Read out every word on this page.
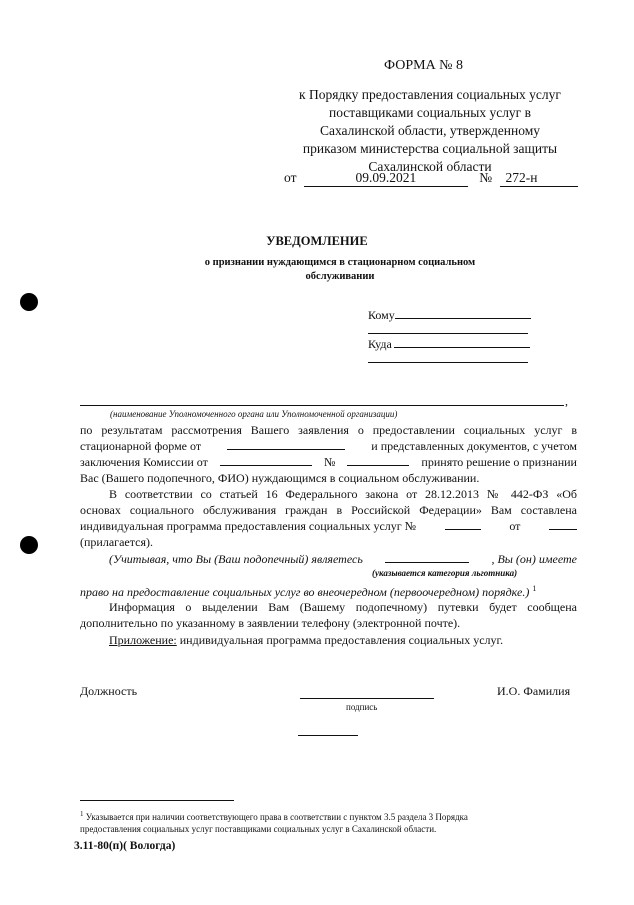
ФОРМА № 8
к Порядку предоставления социальных услуг
поставщиками социальных услуг в
Сахалинской области, утвержденному
приказом министерства социальной защиты
Сахалинской области
от	09.09.2021	№ 272-н
УВЕДОМЛЕНИЕ
о признании нуждающимся в стационарном социальном
обслуживании
Кому
Куда
,
(наименование Уполномоченного органа или Уполномоченной организации)
по результатам рассмотрения Вашего заявления о предоставлении социальных услуг в
стационарной форме от	и представленных документов, с учетом
заключения Комиссии от	№	принято решение о признании
Вас (Вашего подопечного, ФИО) нуждающимся в социальном обслуживании.
В соответствии со статьей 16 Федерального закона от 28.12.2013 № 442-ФЗ «Об
основах социального обслуживания граждан в Российской Федерации» Вам составлена
индивидуальная программа предоставления социальных услуг №	от
(прилагается).
(Учитывая, что Вы (Ваш подопечный) являетесь	, Вы (он) имеете
(указывается категория льготника)
право на предоставление социальных услуг во внеочередном (первоочередном) порядке.) $^1$
Информация о выделении Вам (Вашему подопечному) путевки будет сообщена
дополнительно по указанному в заявлении телефону (электронной почте).
Приложение: индивидуальная программа предоставления социальных услуг.
Должность
подпись
И.О. Фамилия
$^1$ Указывается при наличии соответствующего права в соответствии с пунктом 3.5 раздела 3 Порядка
предоставления социальных услуг поставщиками социальных услуг в Сахалинской области.
3.11-80(п)( Вологда)
